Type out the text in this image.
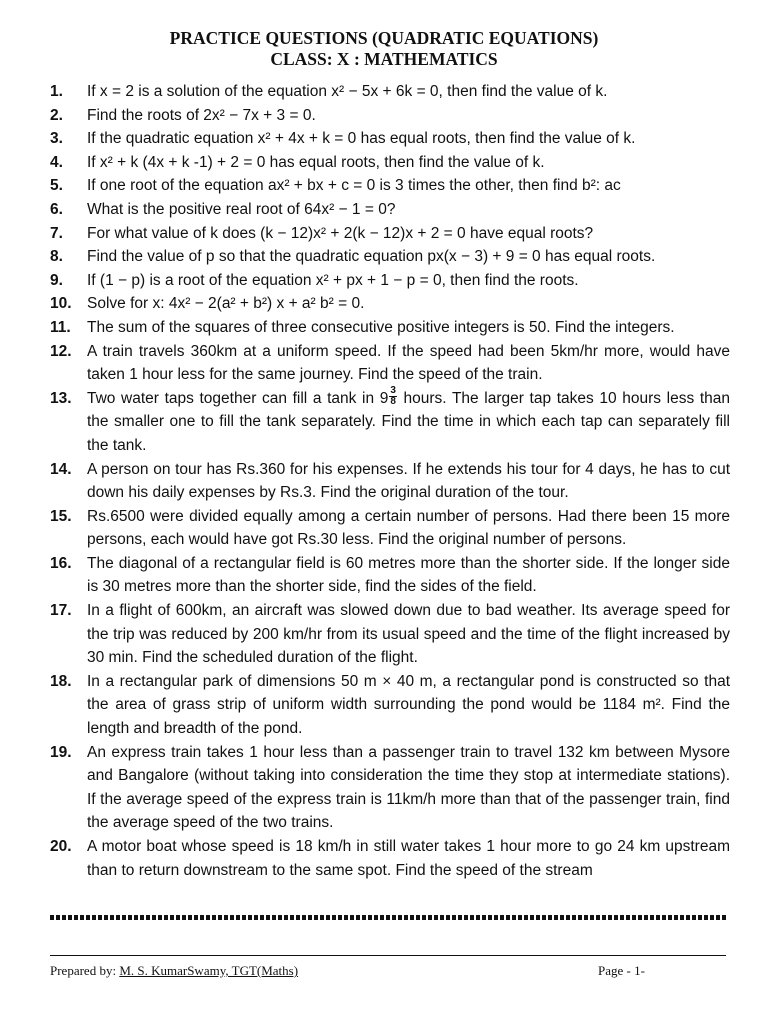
PRACTICE QUESTIONS (QUADRATIC EQUATIONS)
CLASS: X : MATHEMATICS
1.	If x = 2 is a solution of the equation x² − 5x + 6k = 0, then find the value of k.
2.	Find the roots of 2x² − 7x + 3 = 0.
3.	If the quadratic equation x² + 4x + k = 0 has equal roots, then find the value of k.
4.	If x² + k (4x + k -1) + 2 = 0 has equal roots, then find the value of k.
5.	If one root of the equation ax² + bx + c = 0 is 3 times the other, then find b²: ac
6.	What is the positive real root of 64x² − 1 = 0?
7.	For what value of k does (k − 12)x² + 2(k − 12)x + 2 = 0 have equal roots?
8.	Find the value of p so that the quadratic equation px(x − 3) + 9 = 0 has equal roots.
9.	If (1 − p) is a root of the equation x² + px + 1 − p = 0, then find the roots.
10. Solve for x: 4x² − 2(a² + b²) x + a² b² = 0.
11.	The sum of the squares of three consecutive positive integers is 50. Find the integers.
12. A train travels 360km at a uniform speed. If the speed had been 5km/hr more, would have taken 1 hour less for the same journey. Find the speed of the train.
13. Two water taps together can fill a tank in $9 \frac{3}{8}$ hours. The larger tap takes 10 hours less than the smaller one to fill the tank separately. Find the time in which each tap can separately fill the tank.
14. A person on tour has Rs.360 for his expenses. If he extends his tour for 4 days, he has to cut down his daily expenses by Rs.3. Find the original duration of the tour.
15. Rs.6500 were divided equally among a certain number of persons. Had there been 15 more persons, each would have got Rs.30 less. Find the original number of persons.
16. The diagonal of a rectangular field is 60 metres more than the shorter side. If the longer side is 30 metres more than the shorter side, find the sides of the field.
17. In a flight of 600km, an aircraft was slowed down due to bad weather. Its average speed for the trip was reduced by 200 km/hr from its usual speed and the time of the flight increased by 30 min. Find the scheduled duration of the flight.
18. In a rectangular park of dimensions 50 m × 40 m, a rectangular pond is constructed so that the area of grass strip of uniform width surrounding the pond would be 1184 m². Find the length and breadth of the pond.
19. An express train takes 1 hour less than a passenger train to travel 132 km between Mysore and Bangalore (without taking into consideration the time they stop at intermediate stations). If the average speed of the express train is 11km/h more than that of the passenger train, find the average speed of the two trains.
20. A motor boat whose speed is 18 km/h in still water takes 1 hour more to go 24 km upstream than to return downstream to the same spot. Find the speed of the stream
Prepared by: M. S. KumarSwamy, TGT(Maths)	Page - 1-
